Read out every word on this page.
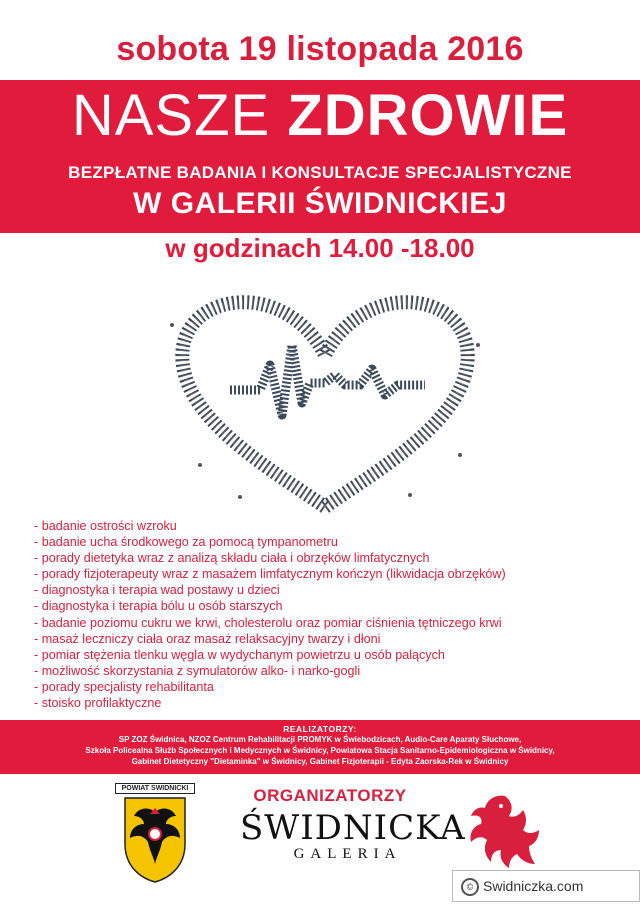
sobota 19 listopada 2016
NASZE ZDROWIE
BEZPŁATNE BADANIA I KONSULTACJE SPECJALISTYCZNE
W GALERII ŚWIDNICKIEJ
w godzinach 14.00 -18.00
- badanie ostrości wzroku
- badanie ucha środkowego za pomocą tympanometru
- porady dietetyka wraz z analizą składu ciała i obrzęków limfatycznych
- porady fizjoterapeuty wraz z masażem limfatycznym kończyn (likwidacja obrzęków)
- diagnostyka i terapia wad postawy u dzieci
- diagnostyka i terapia bólu u osób starszych
- badanie poziomu cukru we krwi, cholesterolu oraz pomiar ciśnienia tętniczego krwi
- masaż leczniczy ciała oraz masaż relaksacyjny twarzy i dłoni
- pomiar stężenia tlenku węgla w wydychanym powietrzu u osób palących
- możliwość skorzystania z symulatorów alko- i narko-gogli
- porady specjalisty rehabilitanta
- stoisko profilaktyczne
REALIZATORZY:
SP ZOZ Świdnica, NZOZ Centrum Rehabilitacji PROMYK w Świebodzicach, Audio-Care Aparaty Słuchowe,
Szkoła Policealna Służb Społecznych i Medycznych w Świdnicy, Powiatowa Stacja Sanitarno-Epidemiologiczna w Świdnicy,
Gabinet Dietetyczny "Dietaminka" w Świdnicy, Gabinet Fizjoterapii - Edyta Zaorska-Rek w Świdnicy
POWIAT ŚWIDNICKI	ORGANIZATORZY
ŚWIDNICKA
GALERIA
© Swidniczka.com
